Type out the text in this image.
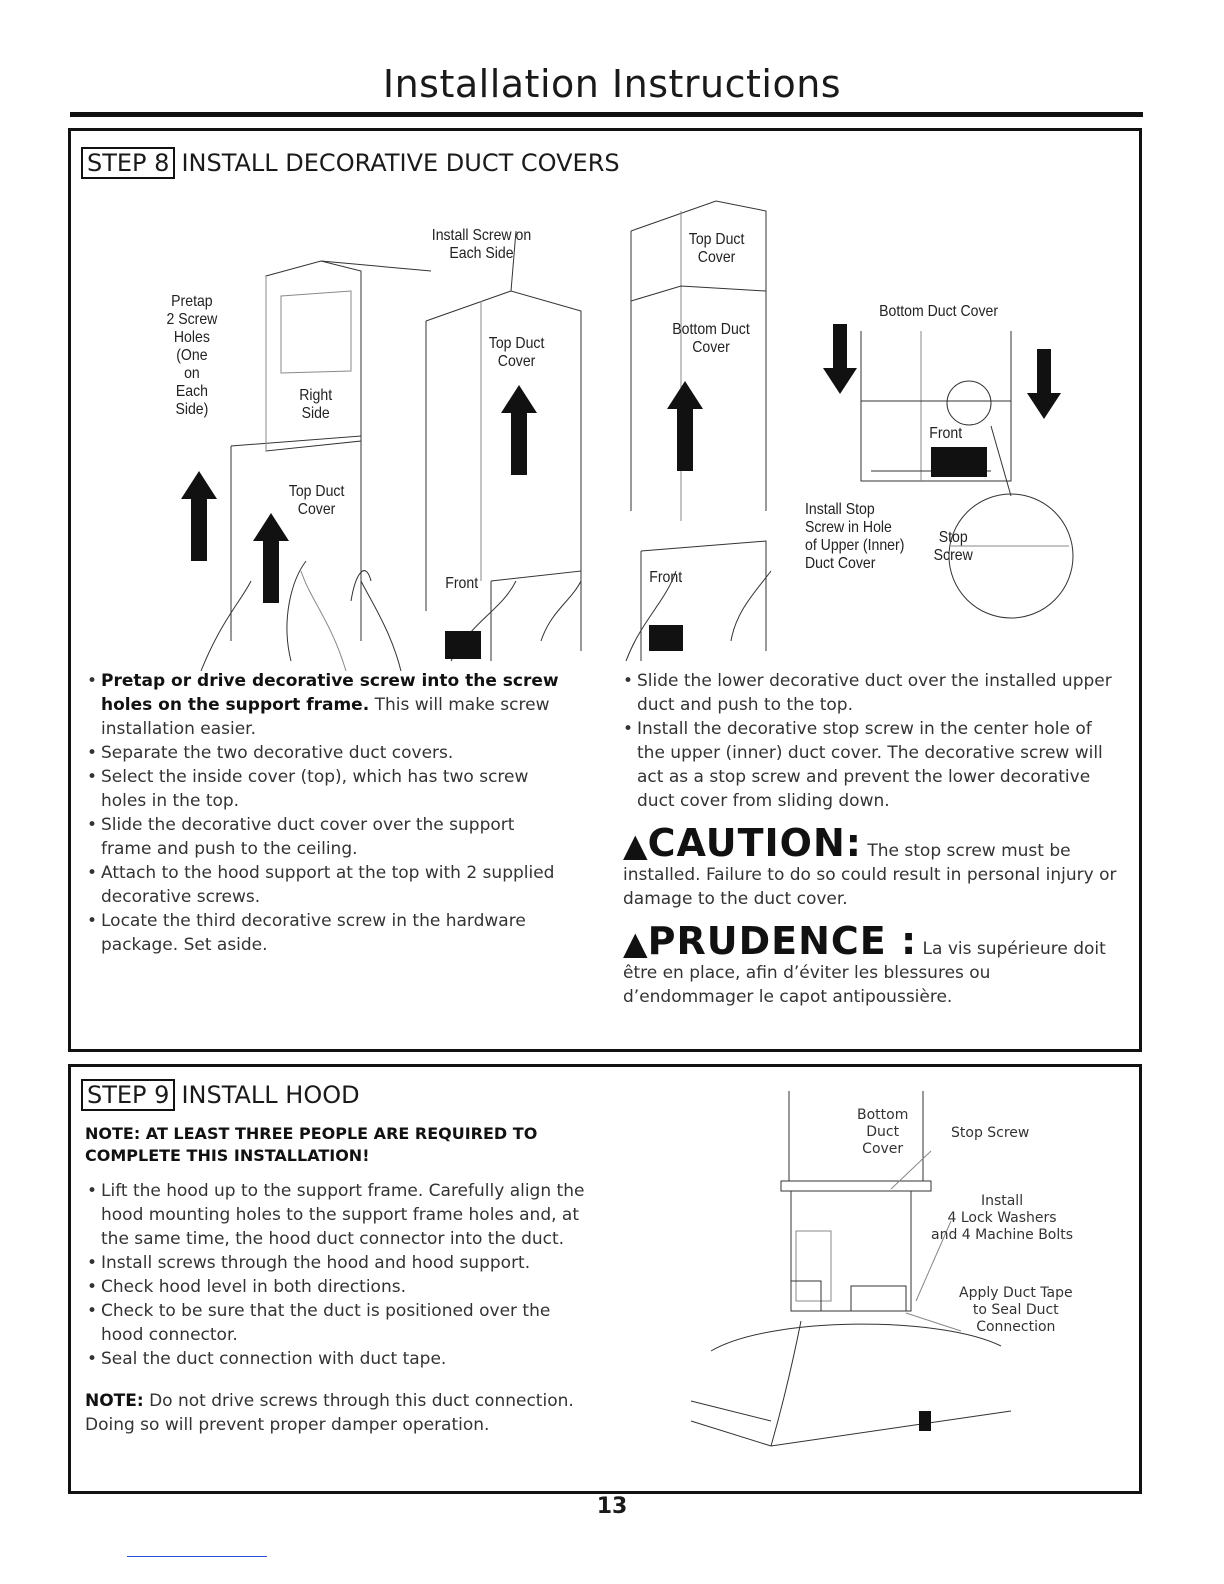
Installation Instructions
STEP 8 INSTALL DECORATIVE DUCT COVERS
Pretap
2 Screw
Holes
(One
on
Each
Side)
Right
Side
Top Duct
Cover
Install Screw on
Each Side
Top Duct
Cover
Front
Top Duct
Cover
Bottom Duct
Cover
Front
Bottom Duct Cover
Front
Install Stop
Screw in Hole
of Upper (Inner)
Duct Cover
Stop
Screw
• Pretap or drive decorative screw into the screw holes on the support frame. This will make screw installation easier.
• Separate the two decorative duct covers.
• Select the inside cover (top), which has two screw holes in the top.
• Slide the decorative duct cover over the support frame and push to the ceiling.
• Attach to the hood support at the top with 2 supplied decorative screws.
• Locate the third decorative screw in the hardware package. Set aside.
• Slide the lower decorative duct over the installed upper duct and push to the top.
• Install the decorative stop screw in the center hole of the upper (inner) duct cover. The decorative screw will act as a stop screw and prevent the lower decorative duct cover from sliding down.
▲CAUTION: The stop screw must be installed. Failure to do so could result in personal injury or damage to the duct cover.
▲PRUDENCE : La vis supérieure doit être en place, afin d’éviter les blessures ou d’endommager le capot antipoussière.
STEP 9 INSTALL HOOD
NOTE: AT LEAST THREE PEOPLE ARE REQUIRED TO COMPLETE THIS INSTALLATION!
• Lift the hood up to the support frame. Carefully align the hood mounting holes to the support frame holes and, at the same time, the hood duct connector into the duct.
• Install screws through the hood and hood support.
• Check hood level in both directions.
• Check to be sure that the duct is positioned over the hood connector.
• Seal the duct connection with duct tape.
NOTE: Do not drive screws through this duct connection. Doing so will prevent proper damper operation.
Bottom
Duct
Cover
Stop Screw
Install
4 Lock Washers
and 4 Machine Bolts
Apply Duct Tape
to Seal Duct
Connection
13
